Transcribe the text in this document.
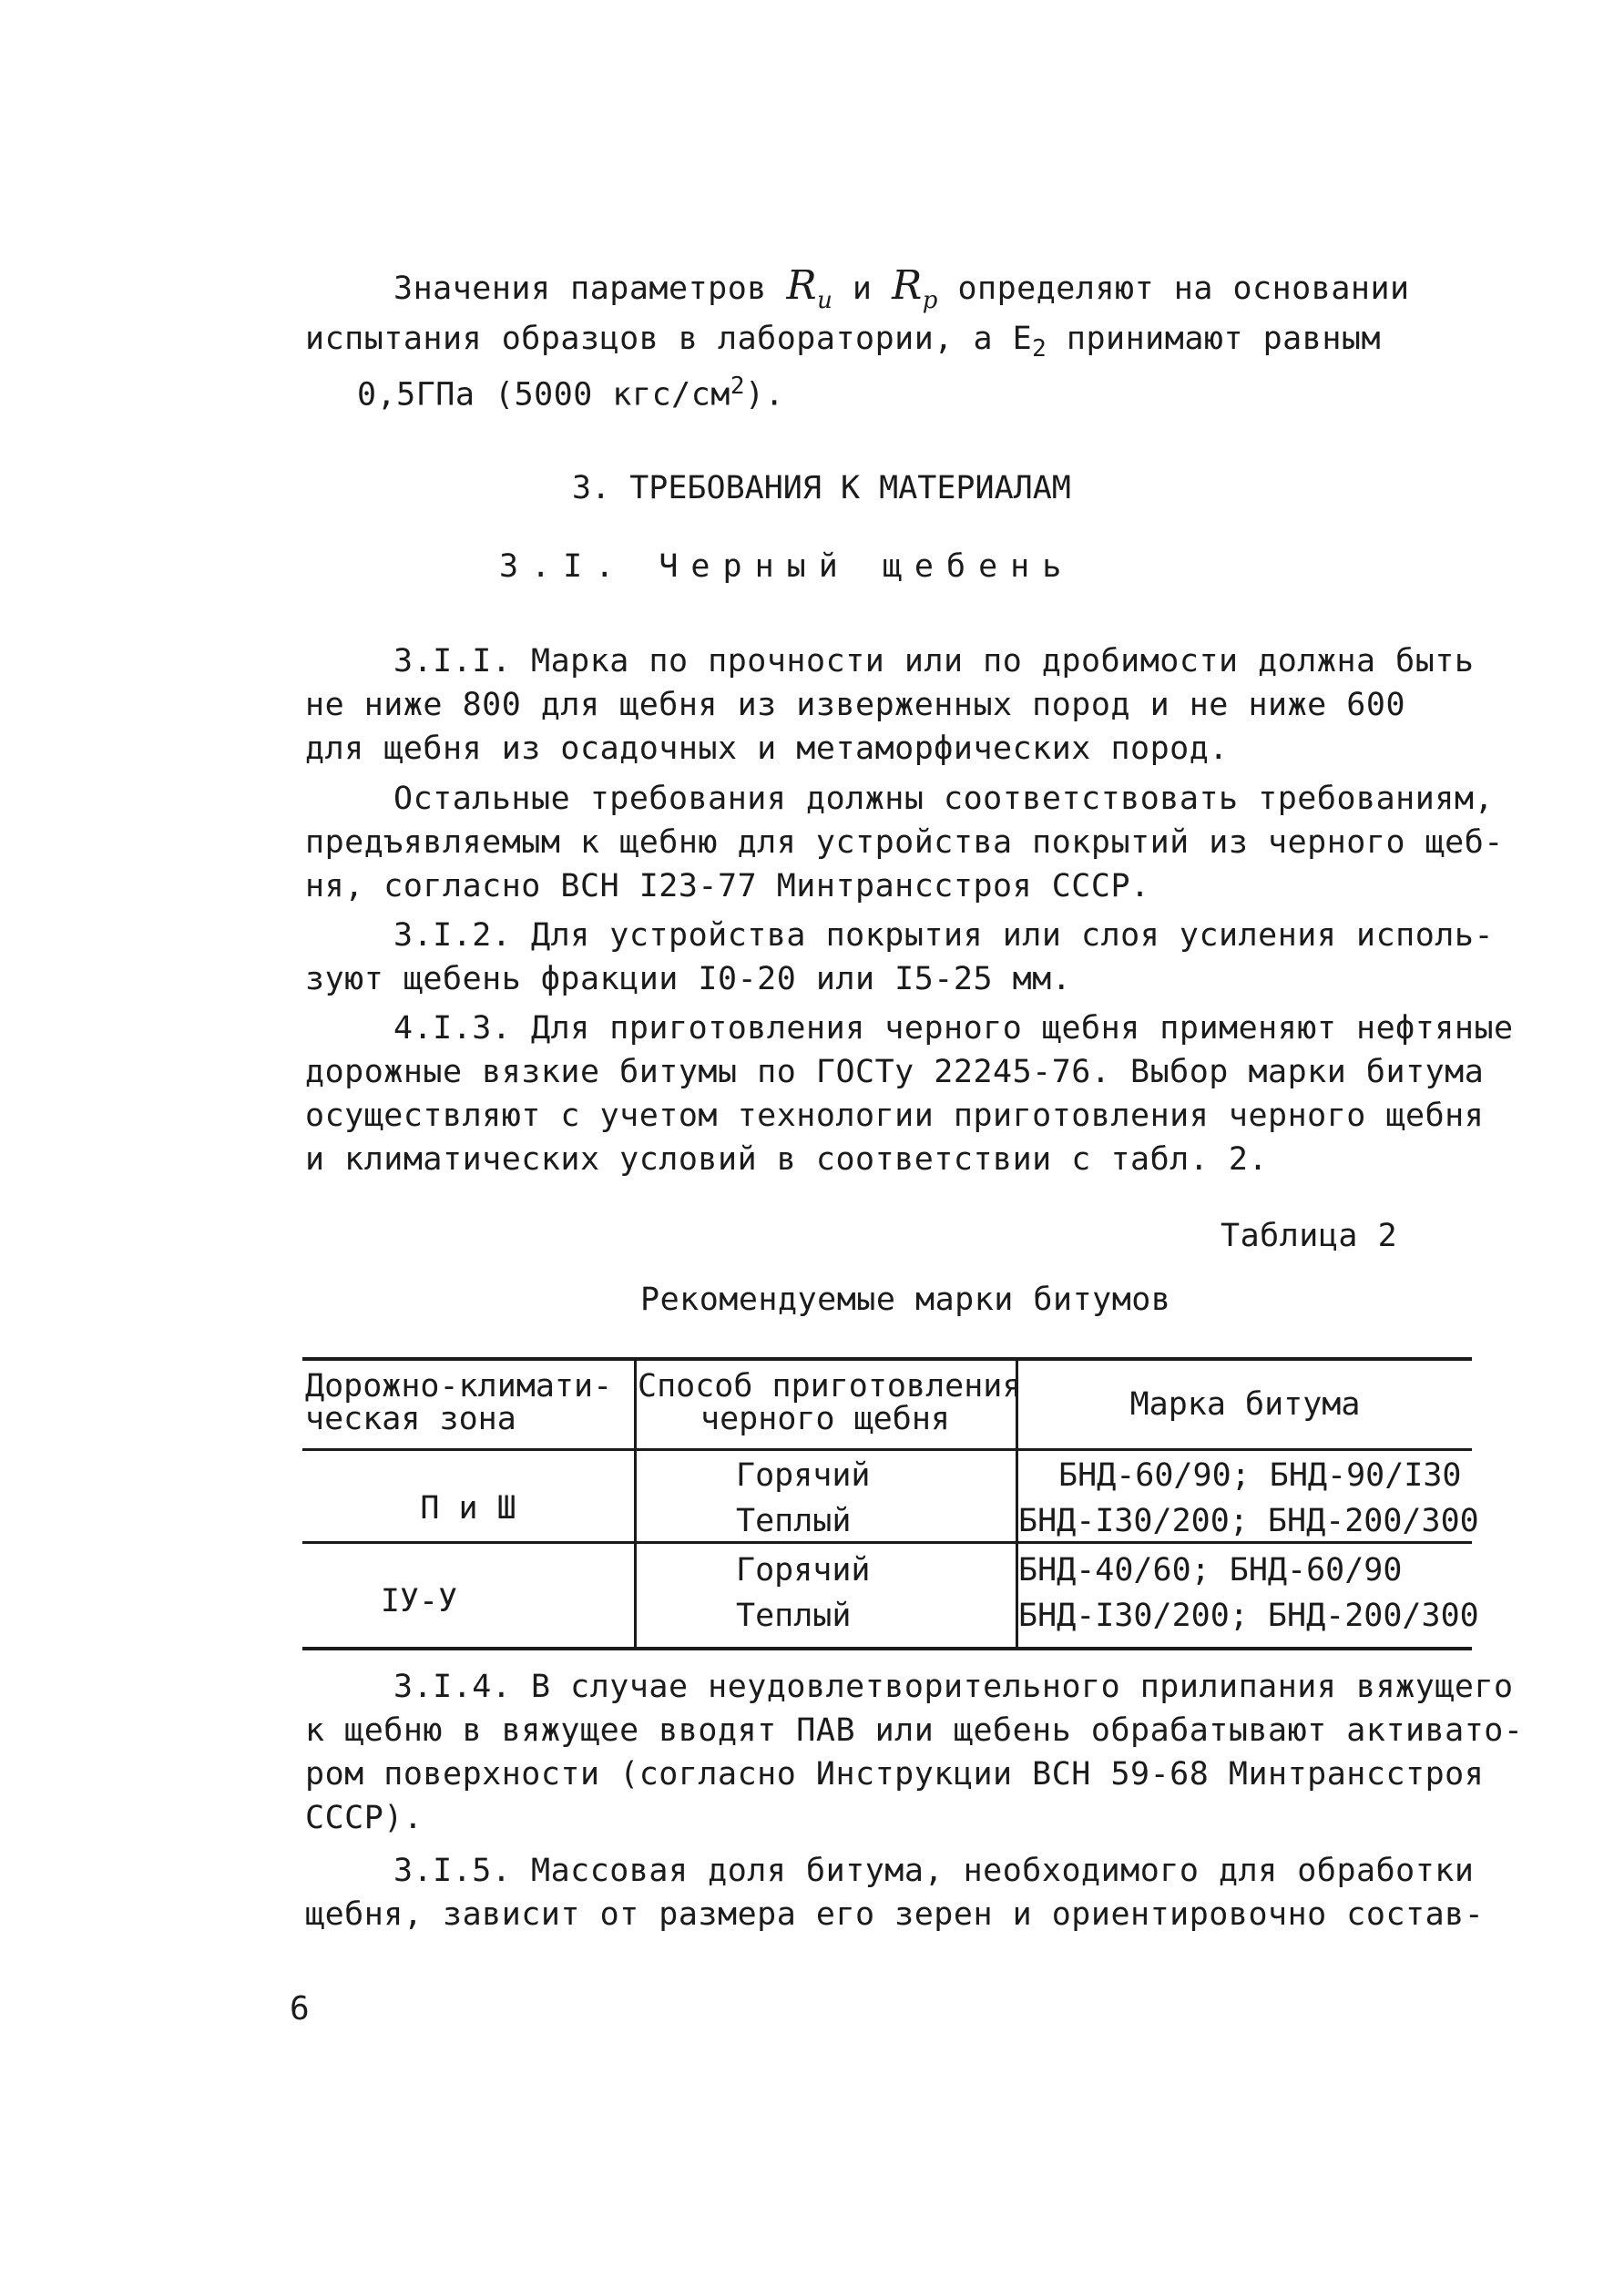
Значения параметров $R_и$ и $R_p$ определяют на основании
испытания образцов в лаборатории, а $E_2$ принимают равным
0,5ГПа (5000 кгс/$см^2$).
3. ТРЕБОВАНИЯ К МАТЕРИАЛАМ
3.I. Черный щебень
3.I.I. Марка по прочности или по дробимости должна быть
не ниже 800 для щебня из изверженных пород и не ниже 600
для щебня из осадочных и метаморфических пород.
Остальные требования должны соответствовать требованиям,
предъявляемым к щебню для устройства покрытий из черного щеб-
ня, согласно ВСН I23-77 Минтрансстроя СССР.
3.I.2. Для устройства покрытия или слоя усиления исполь-
зуют щебень фракции I0-20 или I5-25 мм.
4.I.3. Для приготовления черного щебня применяют нефтяные
дорожные вязкие битумы по ГОСТу 22245-76. Выбор марки битума
осуществляют с учетом технологии приготовления черного щебня
и климатических условий в соответствии с табл. 2.
Таблица 2
Рекомендуемые марки битумов
Дорожно-климати-
ческая зона
Способ приготовления
черного щебня	Марка битума
П и Ш
Горячий
Теплый
БНД-60/90; БНД-90/I30
БНД-I30/200; БНД-200/300
IУ-У
Горячий
Теплый
БНД-40/60; БНД-60/90
БНД-I30/200; БНД-200/300
3.I.4. В случае неудовлетворительного прилипания вяжущего
к щебню в вяжущее вводят ПАВ или щебень обрабатывают активато-
ром поверхности (согласно Инструкции ВСН 59-68 Минтрансстроя
СССР).
3.I.5. Массовая доля битума, необходимого для обработки
щебня, зависит от размера его зерен и ориентировочно состав-
6
